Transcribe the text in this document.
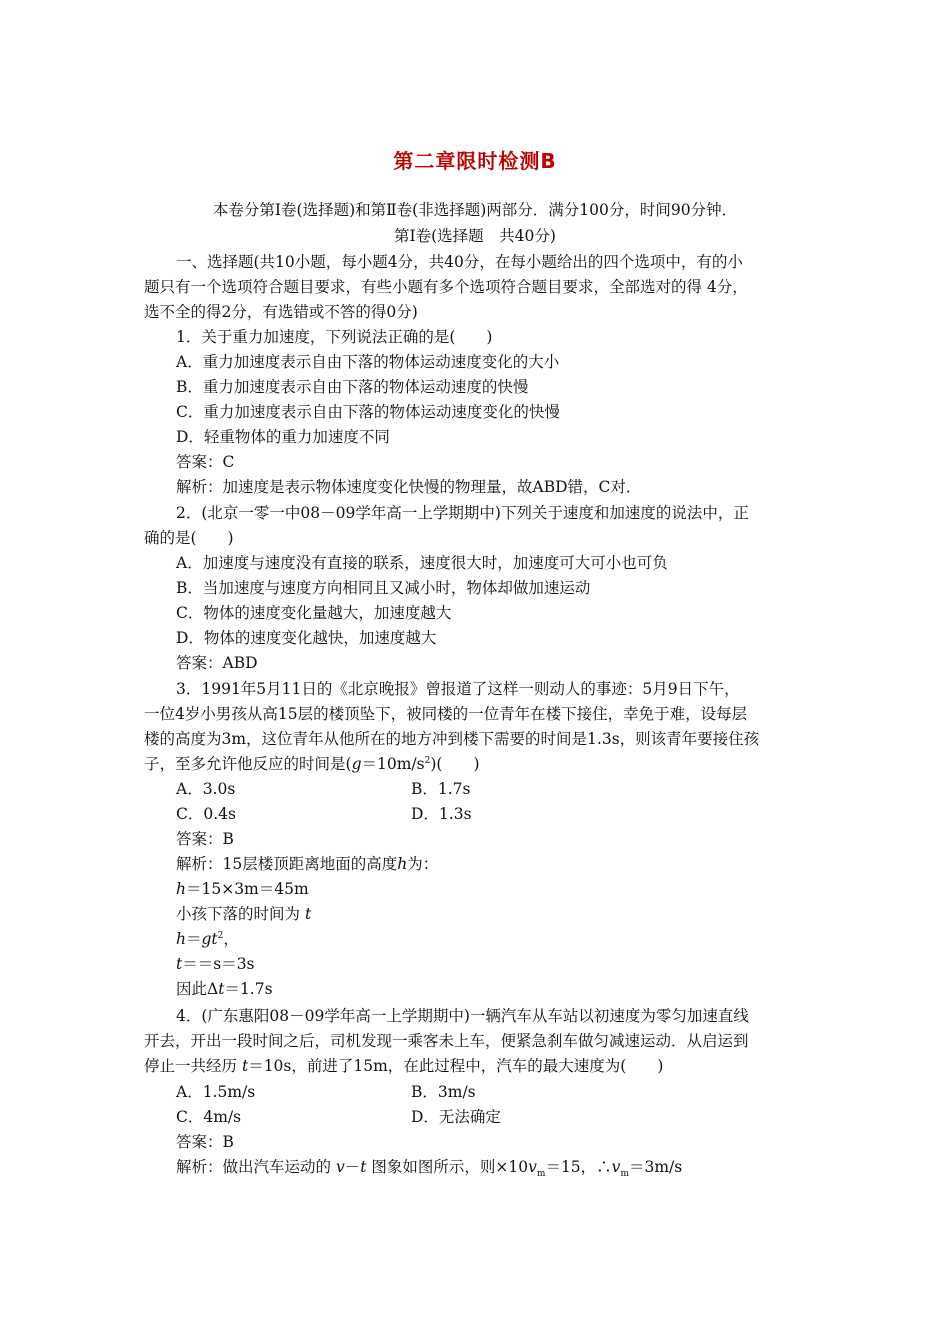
第二章限时检测B
本卷分第Ⅰ卷(选择题)和第Ⅱ卷(非选择题)两部分．满分100分，时间90分钟．
第Ⅰ卷(选择题　共40分)
一、选择题(共10小题，每小题4分，共40分，在每小题给出的四个选项中，有的小
题只有一个选项符合题目要求，有些小题有多个选项符合题目要求，全部选对的得 4分，
选不全的得2分，有选错或不答的得0分)
1．关于重力加速度，下列说法正确的是(　　)
A．重力加速度表示自由下落的物体运动速度变化的大小
B．重力加速度表示自由下落的物体运动速度的快慢
C．重力加速度表示自由下落的物体运动速度变化的快慢
D．轻重物体的重力加速度不同
答案：C
解析：加速度是表示物体速度变化快慢的物理量，故ABD错，C对．
2．(北京一零一中08－09学年高一上学期期中)下列关于速度和加速度的说法中，正
确的是(　　)
A．加速度与速度没有直接的联系，速度很大时，加速度可大可小也可负
B．当加速度与速度方向相同且又减小时，物体却做加速运动
C．物体的速度变化量越大，加速度越大
D．物体的速度变化越快，加速度越大
答案：ABD
3．1991年5月11日的《北京晚报》曾报道了这样一则动人的事迹：5月9日下午，
一位4岁小男孩从高15层的楼顶坠下，被同楼的一位青年在楼下接住，幸免于难，设每层
楼的高度为3m，这位青年从他所在的地方冲到楼下需要的时间是1.3s，则该青年要接住孩
子，至多允许他反应的时间是$(g=10m/s^2)$(　　)
A．3.0s	B．1.7s
C．0.4s	D．1.3s
答案：B
解析：15层楼顶距离地面的高度h为：
h＝15×3m＝45m
小孩下落的时间为 t
$h=gt^2$，
t＝＝s＝3s
因此Δt＝1.7s
4．(广东惠阳08－09学年高一上学期期中)一辆汽车从车站以初速度为零匀加速直线
开去，开出一段时间之后，司机发现一乘客未上车，便紧急刹车做匀减速运动．从启运到
停止一共经历 t＝10s，前进了15m，在此过程中，汽车的最大速度为(　　)
A．1.5m/s	B．3m/s
C．4m/s	D．无法确定
答案：B
解析：做出汽车运动的 v－t 图象如图所示，则$\times 10v_m=15$，$\therefore v_m=3m/s$
